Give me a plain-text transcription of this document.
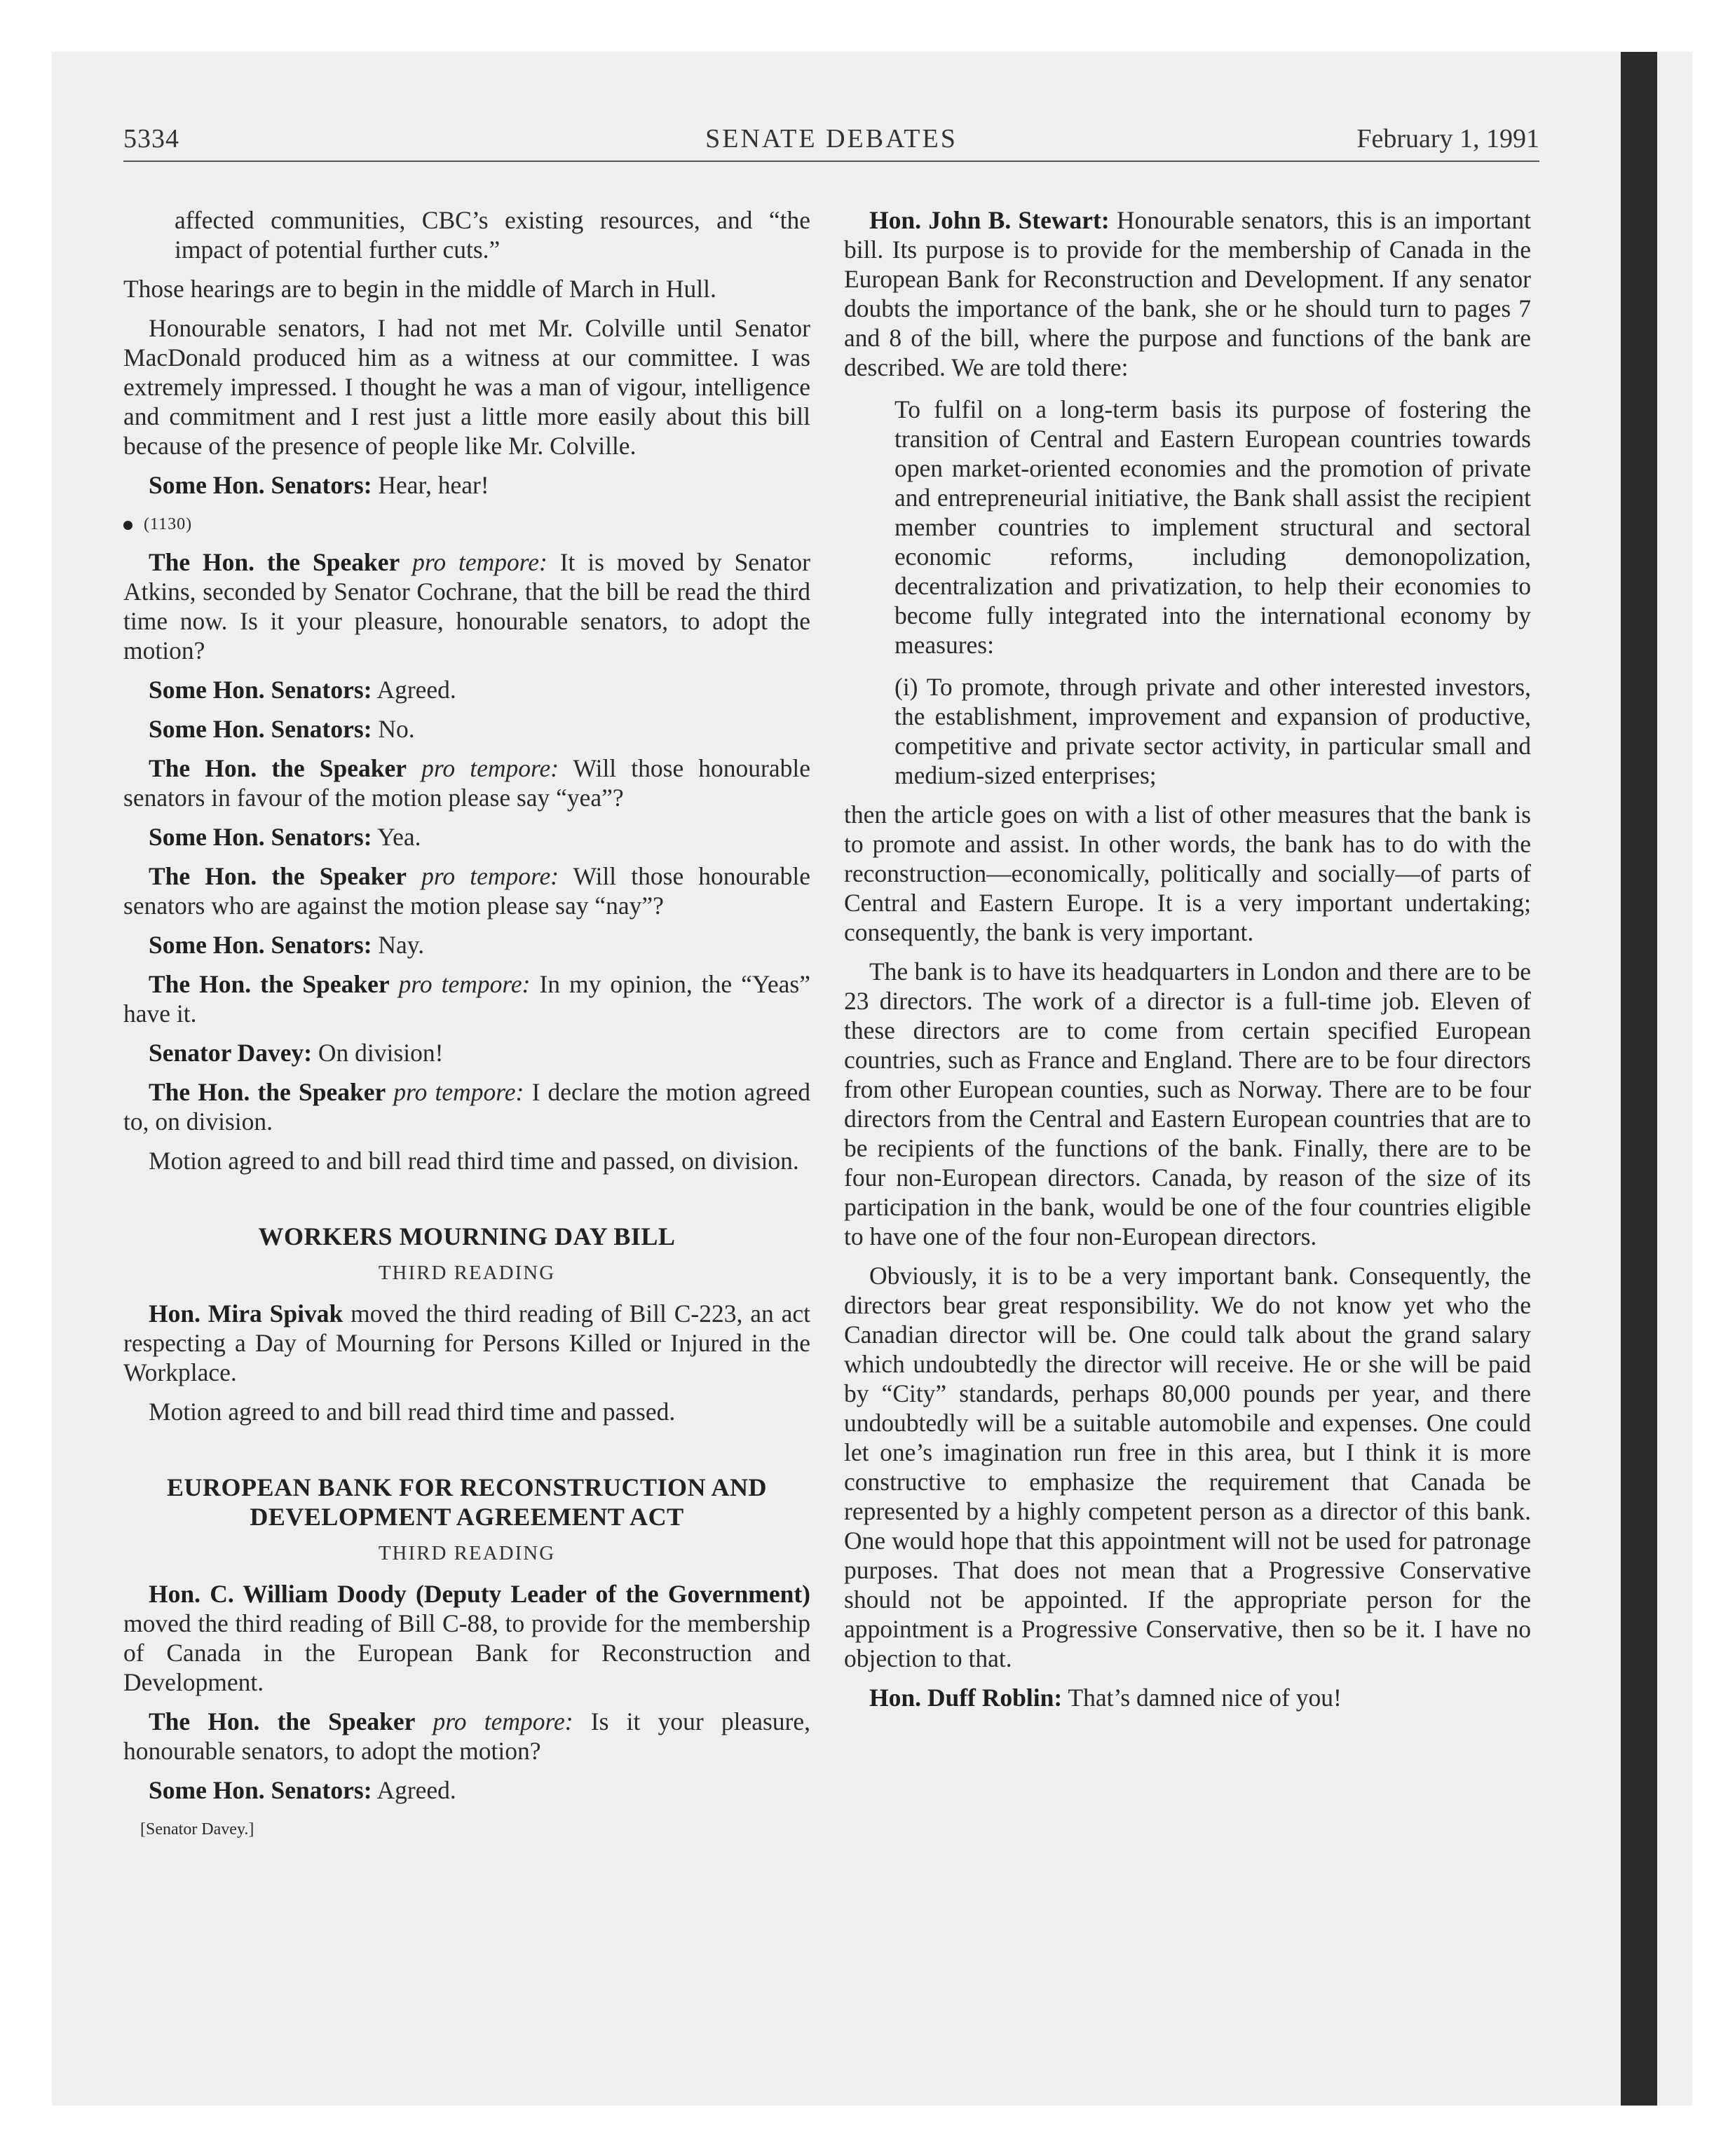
5334	SENATE DEBATES	February 1, 1991

affected communities, CBC’s existing resources, and “the impact of potential further cuts.”

Those hearings are to begin in the middle of March in Hull.

Honourable senators, I had not met Mr. Colville until Senator MacDonald produced him as a witness at our committee. I was extremely impressed. I thought he was a man of vigour, intelligence and commitment and I rest just a little more easily about this bill because of the presence of people like Mr. Colville.

Some Hon. Senators: Hear, hear!

(1130)

The Hon. the Speaker pro tempore: It is moved by Senator Atkins, seconded by Senator Cochrane, that the bill be read the third time now. Is it your pleasure, honourable senators, to adopt the motion?

Some Hon. Senators: Agreed.

Some Hon. Senators: No.

The Hon. the Speaker pro tempore: Will those honourable senators in favour of the motion please say “yea”?

Some Hon. Senators: Yea.

The Hon. the Speaker pro tempore: Will those honourable senators who are against the motion please say “nay”?

Some Hon. Senators: Nay.

The Hon. the Speaker pro tempore: In my opinion, the “Yeas” have it.

Senator Davey: On division!

The Hon. the Speaker pro tempore: I declare the motion agreed to, on division.

Motion agreed to and bill read third time and passed, on division.

WORKERS MOURNING DAY BILL
THIRD READING

Hon. Mira Spivak moved the third reading of Bill C-223, an act respecting a Day of Mourning for Persons Killed or Injured in the Workplace.

Motion agreed to and bill read third time and passed.

EUROPEAN BANK FOR RECONSTRUCTION AND
DEVELOPMENT AGREEMENT ACT
THIRD READING

Hon. C. William Doody (Deputy Leader of the Government) moved the third reading of Bill C-88, to provide for the membership of Canada in the European Bank for Reconstruction and Development.

The Hon. the Speaker pro tempore: Is it your pleasure, honourable senators, to adopt the motion?

Some Hon. Senators: Agreed.

[Senator Davey.]

Hon. John B. Stewart: Honourable senators, this is an important bill. Its purpose is to provide for the membership of Canada in the European Bank for Reconstruction and Development. If any senator doubts the importance of the bank, she or he should turn to pages 7 and 8 of the bill, where the purpose and functions of the bank are described. We are told there:

To fulfil on a long-term basis its purpose of fostering the transition of Central and Eastern European countries towards open market-oriented economies and the promotion of private and entrepreneurial initiative, the Bank shall assist the recipient member countries to implement structural and sectoral economic reforms, including demonopolization, decentralization and privatization, to help their economies to become fully integrated into the international economy by measures:

(i) To promote, through private and other interested investors, the establishment, improvement and expansion of productive, competitive and private sector activity, in particular small and medium-sized enterprises;

then the article goes on with a list of other measures that the bank is to promote and assist. In other words, the bank has to do with the reconstruction—economically, politically and socially—of parts of Central and Eastern Europe. It is a very important undertaking; consequently, the bank is very important.

The bank is to have its headquarters in London and there are to be 23 directors. The work of a director is a full-time job. Eleven of these directors are to come from certain specified European countries, such as France and England. There are to be four directors from other European counties, such as Norway. There are to be four directors from the Central and Eastern European countries that are to be recipients of the functions of the bank. Finally, there are to be four non-European directors. Canada, by reason of the size of its participation in the bank, would be one of the four countries eligible to have one of the four non-European directors.

Obviously, it is to be a very important bank. Consequently, the directors bear great responsibility. We do not know yet who the Canadian director will be. One could talk about the grand salary which undoubtedly the director will receive. He or she will be paid by “City” standards, perhaps 80,000 pounds per year, and there undoubtedly will be a suitable automobile and expenses. One could let one’s imagination run free in this area, but I think it is more constructive to emphasize the requirement that Canada be represented by a highly competent person as a director of this bank. One would hope that this appointment will not be used for patronage purposes. That does not mean that a Progressive Conservative should not be appointed. If the appropriate person for the appointment is a Progressive Conservative, then so be it. I have no objection to that.

Hon. Duff Roblin: That’s damned nice of you!
